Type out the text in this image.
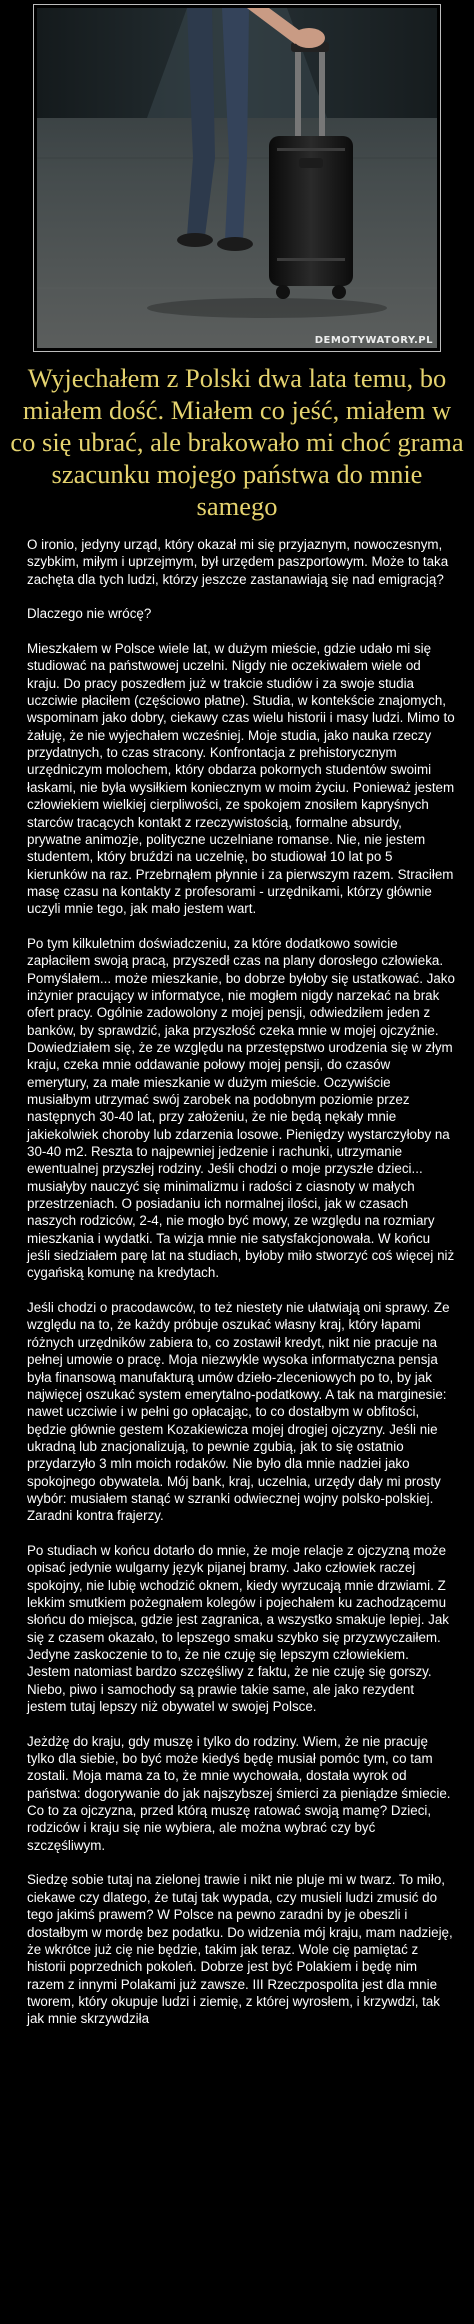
DEMOTYWATORY.PL
Wyjechałem z Polski dwa lata temu, bo miałem dość. Miałem co jeść, miałem w co się ubrać, ale brakowało mi choć grama szacunku mojego państwa do mnie samego
O ironio, jedyny urząd, który okazał mi się przyjaznym, nowoczesnym, szybkim, miłym i uprzejmym, był urzędem paszportowym. Może to taka zachęta dla tych ludzi, którzy jeszcze zastanawiają się nad emigracją?

Dlaczego nie wrócę?

Mieszkałem w Polsce wiele lat, w dużym mieście, gdzie udało mi się studiować na państwowej uczelni. Nigdy nie oczekiwałem wiele od kraju. Do pracy poszedłem już w trakcie studiów i za swoje studia uczciwie płaciłem (częściowo płatne). Studia, w kontekście znajomych, wspominam jako dobry, ciekawy czas wielu historii i masy ludzi. Mimo to żałuję, że nie wyjechałem wcześniej. Moje studia, jako nauka rzeczy przydatnych, to czas stracony. Konfrontacja z prehistorycznym urzędniczym molochem, który obdarza pokornych studentów swoimi łaskami, nie była wysiłkiem koniecznym w moim życiu. Ponieważ jestem człowiekiem wielkiej cierpliwości, ze spokojem znosiłem kapryśnych starców tracących kontakt z rzeczywistością, formalne absurdy, prywatne animozje, polityczne uczelniane romanse. Nie, nie jestem studentem, który bruździ na uczelnię, bo studiował 10 lat po 5 kierunków na raz. Przebrnąłem płynnie i za pierwszym razem. Straciłem masę czasu na kontakty z profesorami - urzędnikami, którzy głównie uczyli mnie tego, jak mało jestem wart.

Po tym kilkuletnim doświadczeniu, za które dodatkowo sowicie zapłaciłem swoją pracą, przyszedł czas na plany dorosłego człowieka. Pomyślałem... może mieszkanie, bo dobrze byłoby się ustatkować. Jako inżynier pracujący w informatyce, nie mogłem nigdy narzekać na brak ofert pracy. Ogólnie zadowolony z mojej pensji, odwiedziłem jeden z banków, by sprawdzić, jaka przyszłość czeka mnie w mojej ojczyźnie. Dowiedziałem się, że ze względu na przestępstwo urodzenia się w złym kraju, czeka mnie oddawanie połowy mojej pensji, do czasów emerytury, za małe mieszkanie w dużym mieście. Oczywiście musiałbym utrzymać swój zarobek na podobnym poziomie przez następnych 30-40 lat, przy założeniu, że nie będą nękały mnie jakiekolwiek choroby lub zdarzenia losowe. Pieniędzy wystarczyłoby na 30-40 m2. Reszta to najpewniej jedzenie i rachunki, utrzymanie ewentualnej przyszłej rodziny. Jeśli chodzi o moje przyszłe dzieci... musiałyby nauczyć się minimalizmu i radości z ciasnoty w małych przestrzeniach. O posiadaniu ich normalnej ilości, jak w czasach naszych rodziców, 2-4, nie mogło być mowy, ze względu na rozmiary mieszkania i wydatki. Ta wizja mnie nie satysfakcjonowała. W końcu jeśli siedziałem parę lat na studiach, byłoby miło stworzyć coś więcej niż cygańską komunę na kredytach.

Jeśli chodzi o pracodawców, to też niestety nie ułatwiają oni sprawy. Ze względu na to, że każdy próbuje oszukać własny kraj, który łapami różnych urzędników zabiera to, co zostawił kredyt, nikt nie pracuje na pełnej umowie o pracę. Moja niezwykle wysoka informatyczna pensja była finansową manufakturą umów dzieło-zleceniowych po to, by jak najwięcej oszukać system emerytalno-podatkowy. A tak na marginesie: nawet uczciwie i w pełni go opłacając, to co dostałbym w obfitości, będzie głównie gestem Kozakiewicza mojej drogiej ojczyzny. Jeśli nie ukradną lub znacjonalizują, to pewnie zgubią, jak to się ostatnio przydarzyło 3 mln moich rodaków. Nie było dla mnie nadziei jako spokojnego obywatela. Mój bank, kraj, uczelnia, urzędy dały mi prosty wybór: musiałem stanąć w szranki odwiecznej wojny polsko-polskiej. Zaradni kontra frajerzy.

Po studiach w końcu dotarło do mnie, że moje relacje z ojczyzną może opisać jedynie wulgarny język pijanej bramy. Jako człowiek raczej spokojny, nie lubię wchodzić oknem, kiedy wyrzucają mnie drzwiami. Z lekkim smutkiem pożegnałem kolegów i pojechałem ku zachodzącemu słońcu do miejsca, gdzie jest zagranica, a wszystko smakuje lepiej. Jak się z czasem okazało, to lepszego smaku szybko się przyzwyczaiłem. Jedyne zaskoczenie to to, że nie czuję się lepszym człowiekiem. Jestem natomiast bardzo szczęśliwy z faktu, że nie czuję się gorszy. Niebo, piwo i samochody są prawie takie same, ale jako rezydent jestem tutaj lepszy niż obywatel w swojej Polsce.

Jeżdżę do kraju, gdy muszę i tylko do rodziny. Wiem, że nie pracuję tylko dla siebie, bo być może kiedyś będę musiał pomóc tym, co tam zostali. Moja mama za to, że mnie wychowała, dostała wyrok od państwa: dogorywanie do jak najszybszej śmierci za pieniądze śmiecie. Co to za ojczyzna, przed którą muszę ratować swoją mamę? Dzieci, rodziców i kraju się nie wybiera, ale można wybrać czy być szczęśliwym.

Siedzę sobie tutaj na zielonej trawie i nikt nie pluje mi w twarz. To miło, ciekawe czy dlatego, że tutaj tak wypada, czy musieli ludzi zmusić do tego jakimś prawem? W Polsce na pewno zaradni by je obeszli i dostałbym w mordę bez podatku. Do widzenia mój kraju, mam nadzieję, że wkrótce już cię nie będzie, takim jak teraz. Wole cię pamiętać z historii poprzednich pokoleń. Dobrze jest być Polakiem i będę nim razem z innymi Polakami już zawsze. III Rzeczpospolita jest dla mnie tworem, który okupuje ludzi i ziemię, z której wyrosłem, i krzywdzi, tak jak mnie skrzywdziła
